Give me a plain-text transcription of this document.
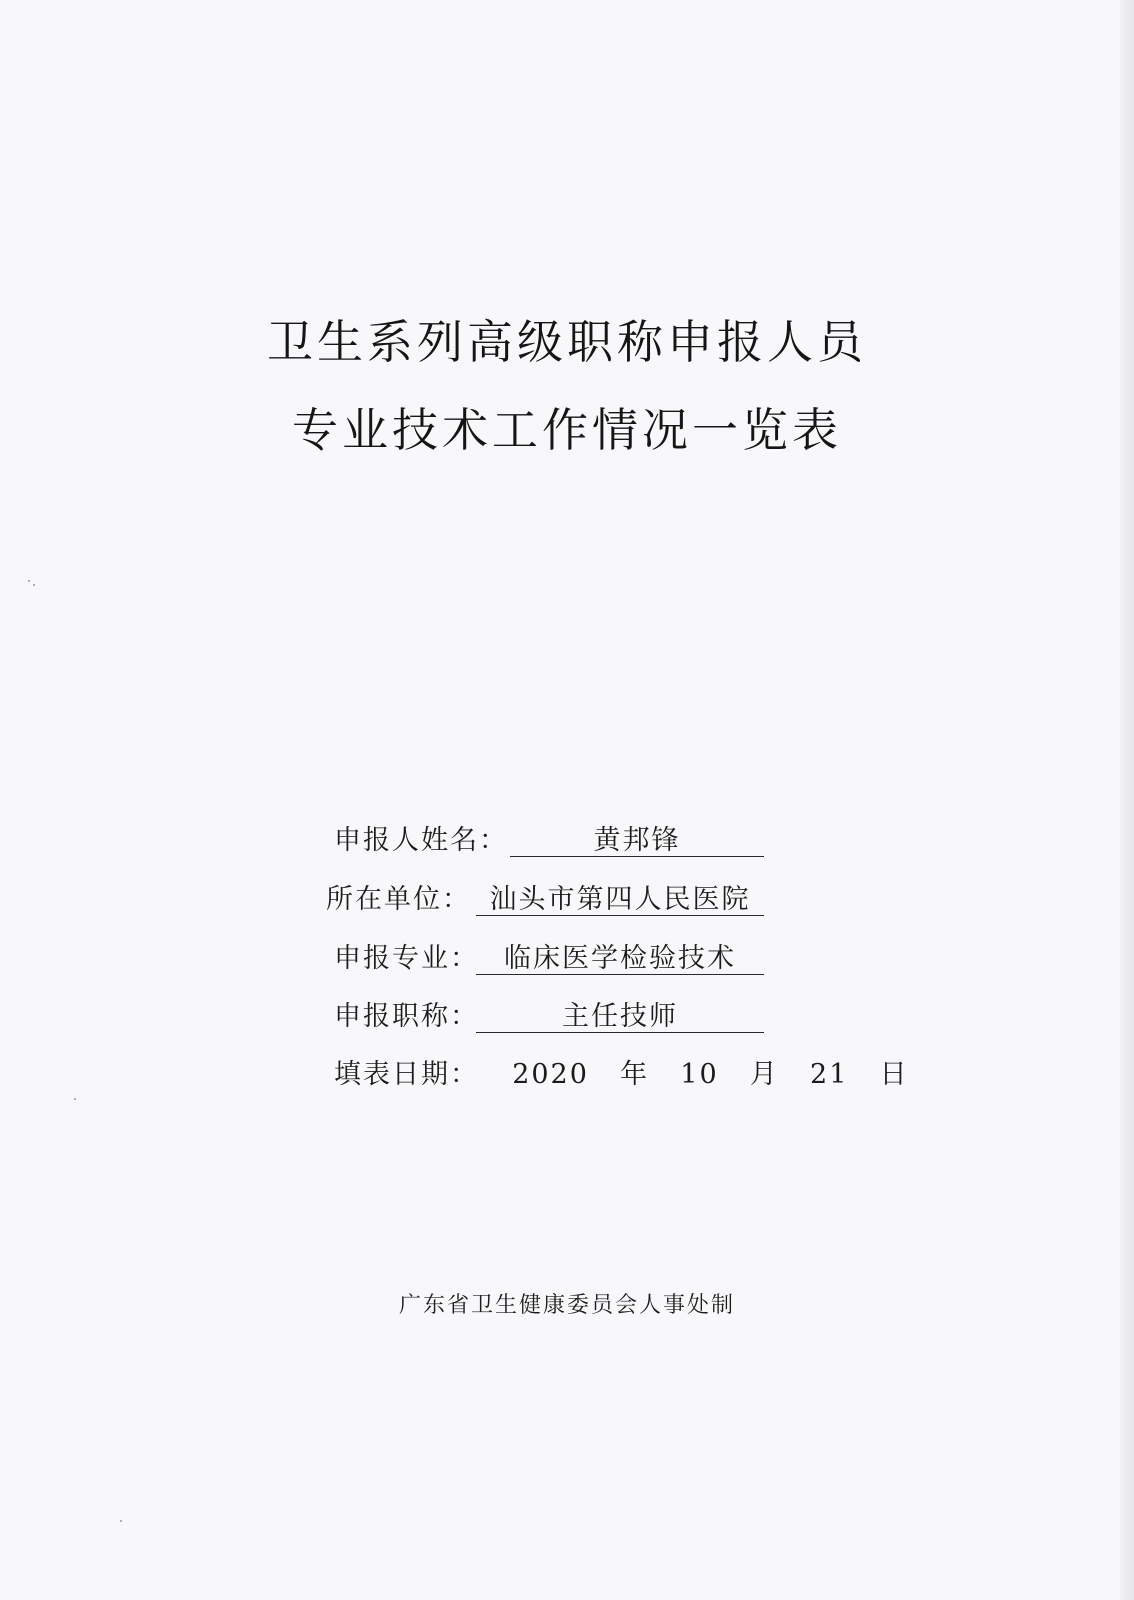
卫生系列高级职称申报人员
专业技术工作情况一览表
申报人姓名：	黄邦锋
所在单位： 汕头市第四人民医院
申报专业： 临床医学检验技术
申报职称：	主任技师
填表日期： 2020 年 10 月 21 日
广东省卫生健康委员会人事处制
